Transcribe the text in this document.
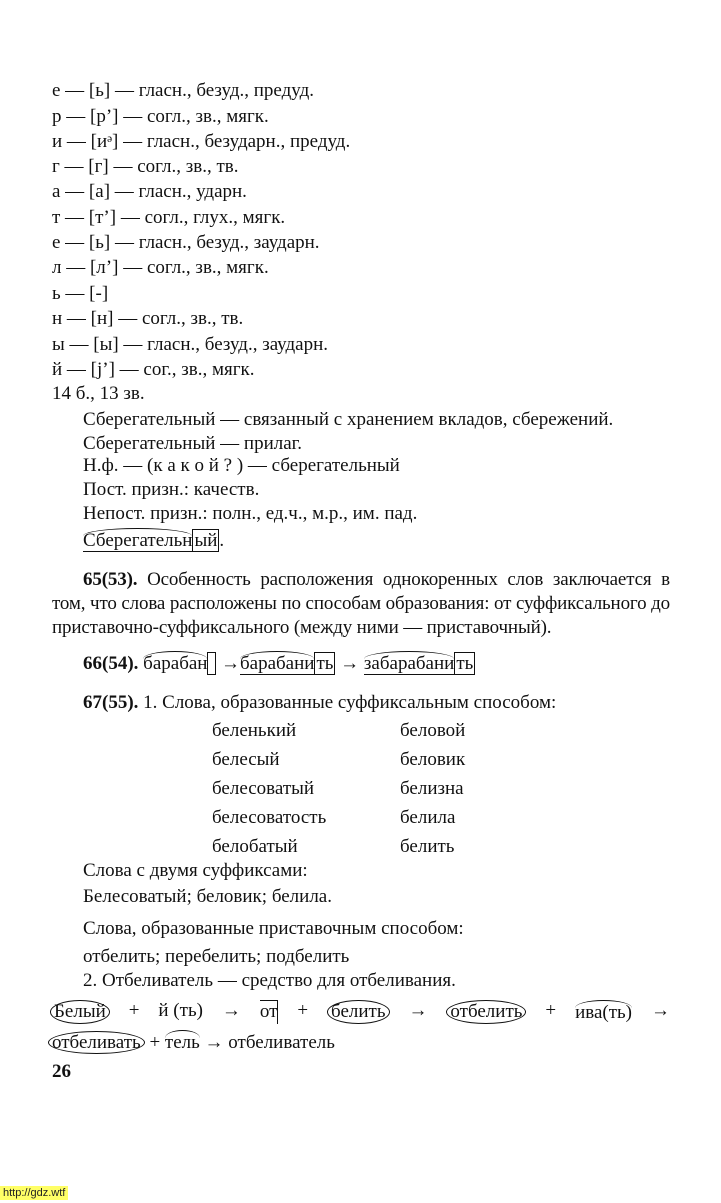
е — [ь] — гласн., безуд., предуд.
р — [р’] — согл., зв., мягк.
и — [иᵊ] — гласн., безударн., предуд.
г — [г] — согл., зв., тв.
а — [а] — гласн., ударн.
т — [т’] — согл., глух., мягк.
е — [ь] — гласн., безуд., заударн.
л — [л’] — согл., зв., мягк.
ь — [-]
н — [н] — согл., зв., тв.
ы — [ы] — гласн., безуд., заударн.
й — [j’] — сог., зв., мягк.
14 б., 13 зв.
Сберегательный — связанный с хранением вкладов, сбережений.
Сберегательный — прилаг.
Н.ф. — (к а к о й ? ) — сберегательный
Пост. призн.: качеств.
Непост. призн.: полн., ед.ч., м.р., им. пад.
Сберегательн ый .
65(53). Особенность расположения однокоренных слов заключается в том, что слова расположены по способам образования: от суффиксального до приставочно-суффиксального (между ними — приставочный).
66(54). барабан →барабани ть → забарабани ть
67(55). 1. Слова, образованные суффиксальным способом:
беленький	беловой
белесый	беловик
белесоватый	белизна
белесоватость	белила
белобатый	белить
Слова с двумя суффиксами:
Белесоватый; беловик; белила.
Слова, образованные приставочным способом:
отбелить; перебелить; подбелить
2. Отбеливатель — средство для отбеливания.
Белый + й (ть) → от + белить → отбелить + ива(ть) →
отбеливать + тель → отбеливатель
26
http://gdz.wtf
